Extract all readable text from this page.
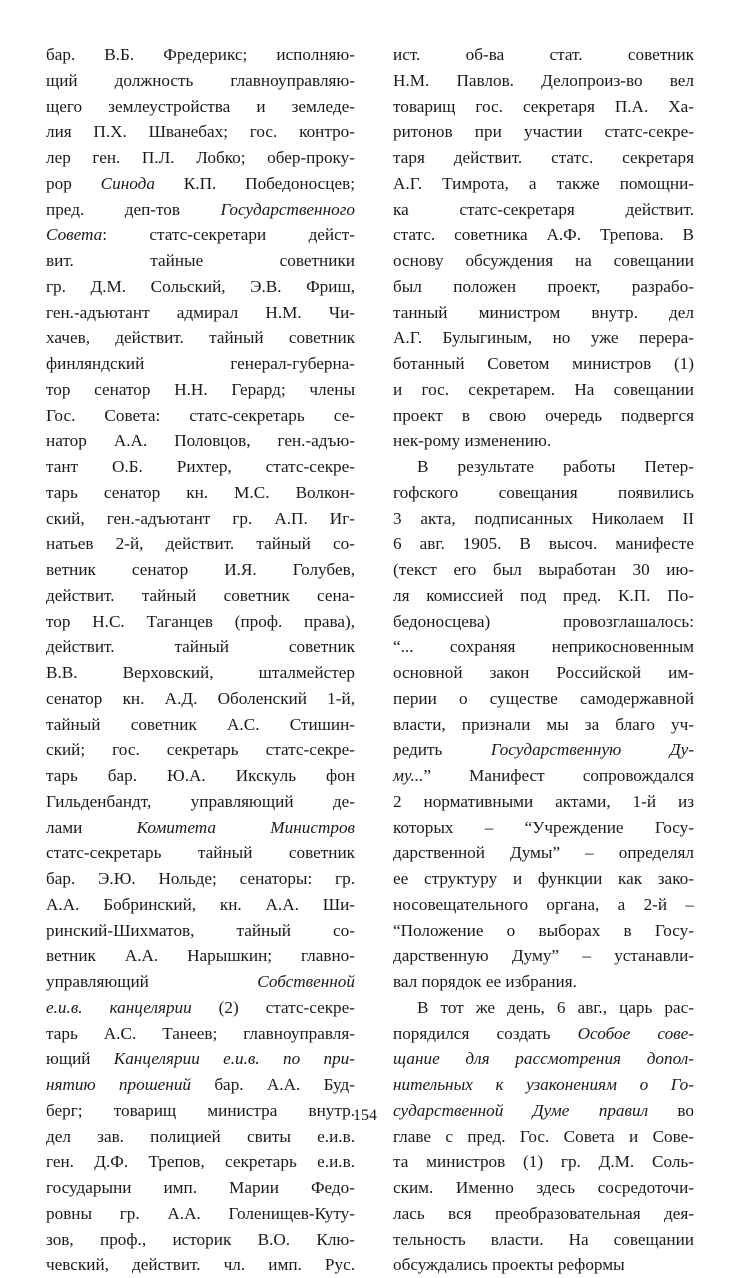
бар. В.Б. Фредерикс; исполняю-
щий должность главноуправляю-
щего землеустройства и земледе-
лия П.Х. Шванебах; гос. контро-
лер ген. П.Л. Лобко; обер-проку-
рор Синода К.П. Победоносцев;
пред. деп-тов Государственного
Совета: статс-секретари дейст-
вит. тайные советники
гр. Д.М. Сольский, Э.В. Фриш,
ген.-адъютант адмирал Н.М. Чи-
хачев, действит. тайный советник
финляндский генерал-губерна-
тор сенатор Н.Н. Герард; члены
Гос. Совета: статс-секретарь се-
натор А.А. Половцов, ген.-адъю-
тант О.Б. Рихтер, статс-секре-
тарь сенатор кн. М.С. Волкон-
ский, ген.-адъютант гр. А.П. Иг-
натьев 2-й, действит. тайный со-
ветник сенатор И.Я. Голубев,
действит. тайный советник сена-
тор Н.С. Таганцев (проф. права),
действит. тайный советник
В.В. Верховский, шталмейстер
сенатор кн. А.Д. Оболенский 1-й,
тайный советник А.С. Стишин-
ский; гос. секретарь статс-секре-
тарь бар. Ю.А. Икскуль фон
Гильденбандт, управляющий де-
лами Комитета Министров
статс-секретарь тайный советник
бар. Э.Ю. Нольде; сенаторы: гр.
А.А. Бобринский, кн. А.А. Ши-
ринский-Шихматов, тайный со-
ветник А.А. Нарышкин; главно-
управляющий Собственной
е.и.в. канцелярии (2) статс-секре-
тарь А.С. Танеев; главноуправля-
ющий Канцелярии е.и.в. по при-
нятию прошений бар. А.А. Буд-
берг; товарищ министра внутр.
дел зав. полицией свиты е.и.в.
ген. Д.Ф. Трепов, секретарь е.и.в.
государыни имп. Марии Федо-
ровны гр. А.А. Голенищев-Куту-
зов, проф., историк В.О. Клю-
чевский, действит. чл. имп. Рус.
ист. об-ва стат. советник
Н.М. Павлов. Делопроиз-во вел
товарищ гос. секретаря П.А. Ха-
ритонов при участии статс-секре-
таря действит. статс. секретаря
А.Г. Тимрота, а также помощни-
ка статс-секретаря действит.
статс. советника А.Ф. Трепова. В
основу обсуждения на совещании
был положен проект, разрабо-
танный министром внутр. дел
А.Г. Булыгиным, но уже перера-
ботанный Советом министров (1)
и гос. секретарем. На совещании
проект в свою очередь подвергся
нек-рому изменению.
В результате работы Петер-
гофского совещания появились
3 акта, подписанных Николаем II
6 авг. 1905. В высоч. манифесте
(текст его был выработан 30 ию-
ля комиссией под пред. К.П. По-
бедоносцева) провозглашалось:
“... сохраняя неприкосновенным
основной закон Российской им-
перии о существе самодержавной
власти, признали мы за благо уч-
редить Государственную Ду-
му...” Манифест сопровождался
2 нормативными актами, 1-й из
которых – “Учреждение Госу-
дарственной Думы” – определял
ее структуру и функции как зако-
носовещательного органа, а 2-й –
“Положение о выборах в Госу-
дарственную Думу” – устанавли-
вал порядок ее избрания.
В тот же день, 6 авг., царь рас-
порядился создать Особое сове-
щание для рассмотрения допол-
нительных к узаконениям о Го-
сударственной Думе правил во
главе с пред. Гос. Совета и Сове-
та министров (1) гр. Д.М. Соль-
ским. Именно здесь сосредоточи-
лась вся преобразовательная дея-
тельность власти. На совещании
обсуждались проекты реформы
154
